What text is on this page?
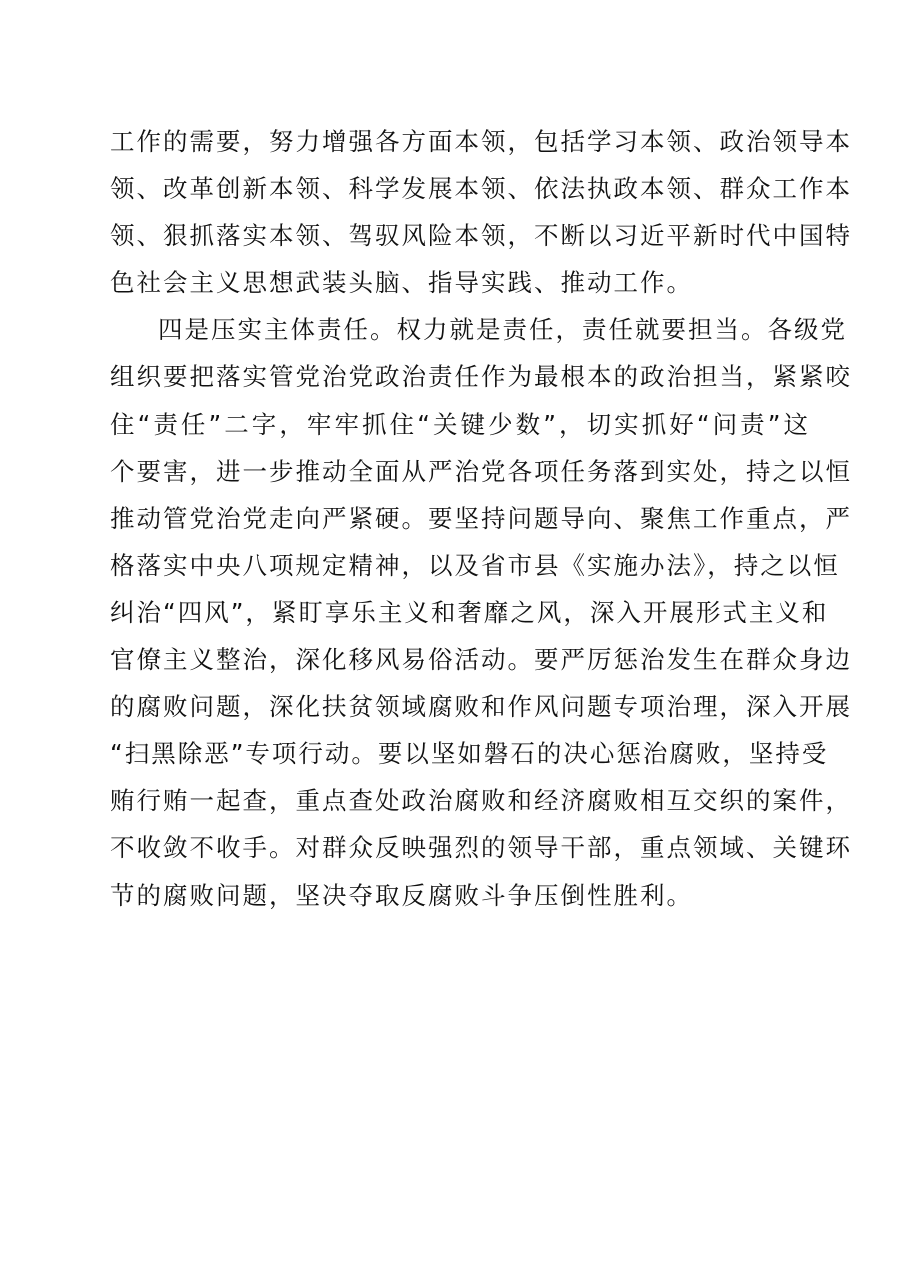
工作的需要，努力增强各方面本领，包括学习本领、政治领导本
领、改革创新本领、科学发展本领、依法执政本领、群众工作本
领、狠抓落实本领、驾驭风险本领，不断以习近平新时代中国特
色社会主义思想武装头脑、指导实践、推动工作。
四是压实主体责任。权力就是责任，责任就要担当。各级党
组织要把落实管党治党政治责任作为最根本的政治担当，紧紧咬
住“责任”二字，牢牢抓住“关键少数”，切实抓好“问责”这
个要害，进一步推动全面从严治党各项任务落到实处，持之以恒
推动管党治党走向严紧硬。要坚持问题导向、聚焦工作重点，严
格落实中央八项规定精神，以及省市县《实施办法》，持之以恒
纠治“四风”，紧盯享乐主义和奢靡之风，深入开展形式主义和
官僚主义整治，深化移风易俗活动。要严厉惩治发生在群众身边
的腐败问题，深化扶贫领域腐败和作风问题专项治理，深入开展
“扫黑除恶”专项行动。要以坚如磐石的决心惩治腐败，坚持受
贿行贿一起查，重点查处政治腐败和经济腐败相互交织的案件，
不收敛不收手。对群众反映强烈的领导干部，重点领域、关键环
节的腐败问题，坚决夺取反腐败斗争压倒性胜利。
